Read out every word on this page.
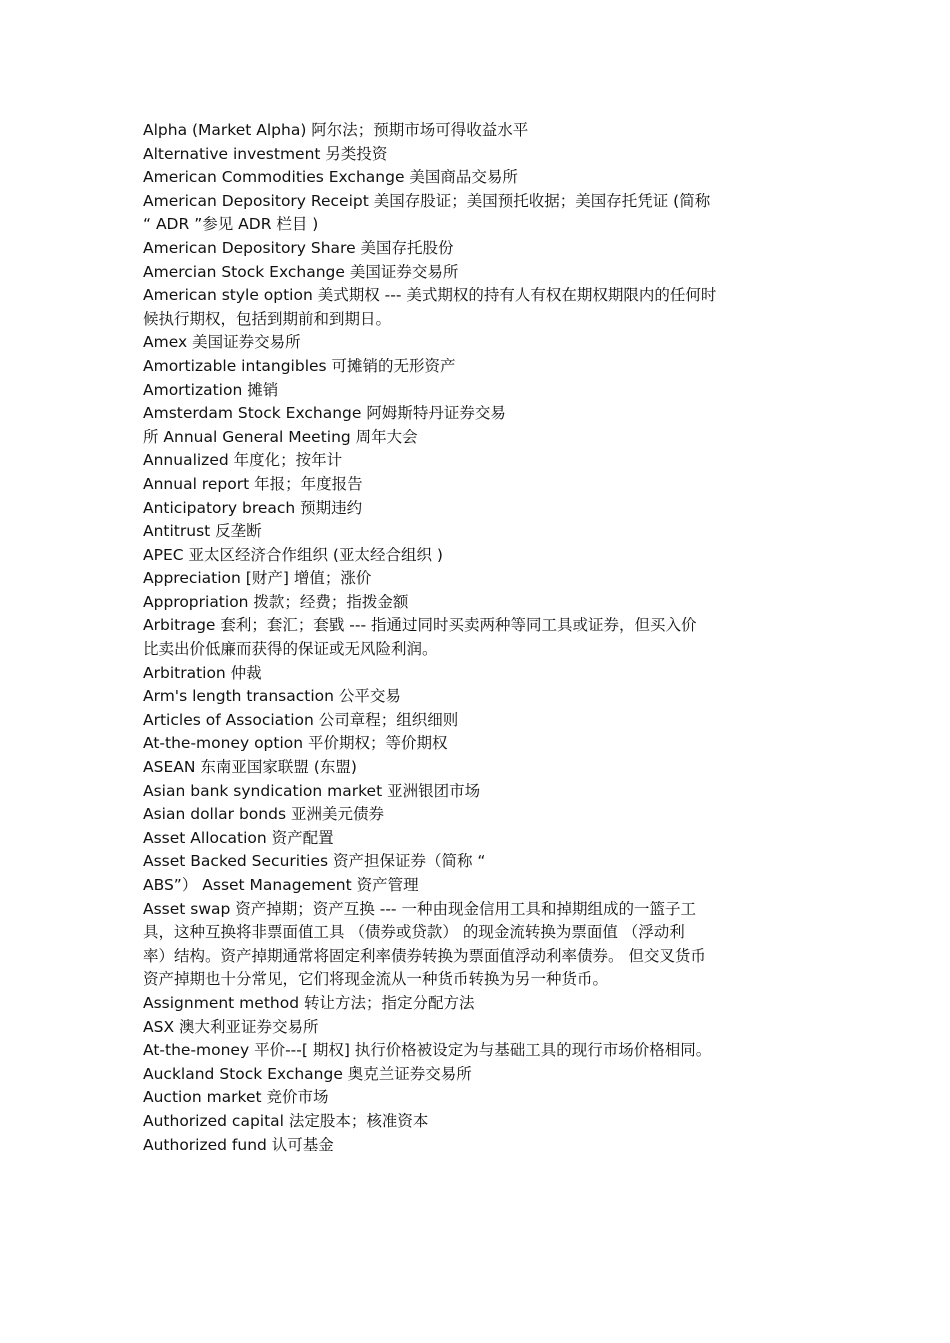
Alpha (Market Alpha) 阿尔法；预期市场可得收益水平
Alternative investment 另类投资
American Commodities Exchange 美国商品交易所
American Depository Receipt 美国存股证；美国预托收据；美国存托凭证 (简称
“ ADR ”参见 ADR 栏目 )
American Depository Share 美国存托股份
Amercian Stock Exchange 美国证券交易所
American style option 美式期权 --- 美式期权的持有人有权在期权期限内的任何时
候执行期权，包括到期前和到期日。
Amex 美国证券交易所
Amortizable intangibles 可摊销的无形资产
Amortization 摊销
Amsterdam Stock Exchange 阿姆斯特丹证券交易
所 Annual General Meeting 周年大会
Annualized 年度化；按年计
Annual report 年报；年度报告
Anticipatory breach 预期违约
Antitrust 反垄断
APEC 亚太区经济合作组织 (亚太经合组织 )
Appreciation [财产] 增值；涨价
Appropriation 拨款；经费；指拨金额
Arbitrage 套利；套汇；套戥 --- 指通过同时买卖两种等同工具或证券，但买入价
比卖出价低廉而获得的保证或无风险利润。
Arbitration 仲裁
Arm's length transaction 公平交易
Articles of Association 公司章程；组织细则
At-the-money option 平价期权；等价期权
ASEAN 东南亚国家联盟 (东盟)
Asian bank syndication market 亚洲银团市场
Asian dollar bonds 亚洲美元债券
Asset Allocation 资产配置
Asset Backed Securities 资产担保证券（简称 “
ABS”） Asset Management 资产管理
Asset swap 资产掉期；资产互换 --- 一种由现金信用工具和掉期组成的一篮子工
具，这种互换将非票面值工具 （债券或贷款） 的现金流转换为票面值 （浮动利
率）结构。资产掉期通常将固定利率债券转换为票面值浮动利率债券。 但交叉货币
资产掉期也十分常见，它们将现金流从一种货币转换为另一种货币。
Assignment method 转让方法；指定分配方法
ASX 澳大利亚证券交易所
At-the-money 平价---[ 期权] 执行价格被设定为与基础工具的现行市场价格相同。
Auckland Stock Exchange 奥克兰证券交易所
Auction market 竞价市场
Authorized capital 法定股本；核准资本
Authorized fund 认可基金
